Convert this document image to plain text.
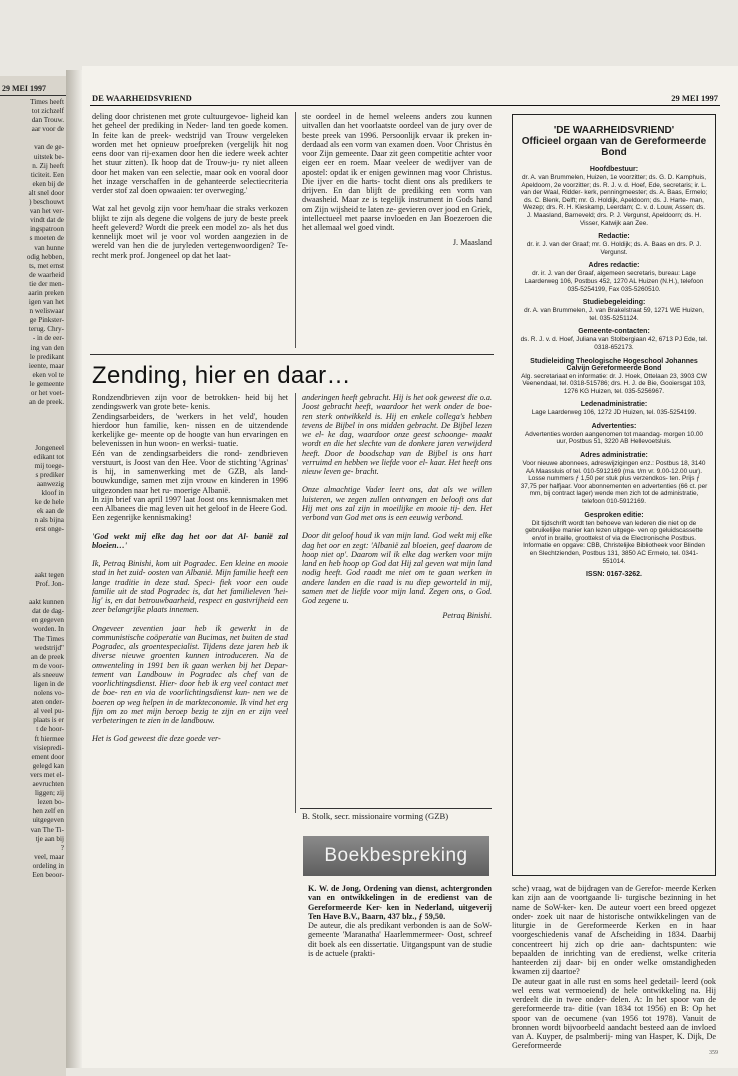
29 MEI 1997
Times heeft
tot zichzelf
dan Trouw.
aar voor de

van de ge-
uitstek be-
n. Zij heeft
ticiteit. Een
eken bij de
alt snel door
) beschouwt
van het ver-
vindt dat de
ingspatroon
s moeten de
van hunne
odig hebben,
ts, met ernst
de waarheid
tie der men-
aarin preken
igen van het
n weliswaar
ge Pinkster-
terug. Chry-
- in de eer-
ing van den
le predikant
ieente, maar
eken vol te
le gemeente
or het voet-
an de preek.

Jongeneel
edikant tot
mij toege-
s prediker
aanwezig
kloof in
ke de hele
ek aan de
n als bijna
erst onge-

aakt tegen
Prof. Jon-

aakt kunnen
dat de dag-
en gegeven
worden. In
The Times
wedstrijd"
an de preek
m de voor-
als sneeuw
ligen in de
nolens vo-
aten onder-
al veel pu-
plaats is er
t de hoor-
ft hiermee
visiepredi-
ement door
gelegd kan
vers met el-
aevruchten
liggen; zij
lezen bo-
hen zelf en
uitgegeven
van The Ti-
tje aan bij
?
veel, maar
ordeling in
Een beoor-
DE WAARHEIDSVRIEND	29 MEI 1997

deling door christenen met grote cultuurgevoe- ligheid kan het geheel der prediking in Neder- land ten goede komen. In feite kan de preek- wedstrijd van Trouw vergeleken worden met het opnieuw proefpreken (vergelijk hit nog eens door van rij-examen door hen die iedere week achter het stuur zitten). Ik hoop dat de Trouw-ju- ry niet alleen door het maken van een selectie, maar ook en vooral door het inzage verschaffen in de gehanteerde selectiecriteria verder stof zal doen opwaaien: ter overweging.'

Wat zal het gevolg zijn voor hem/haar die straks verkozen blijkt te zijn als degene die volgens de jury de beste preek heeft geleverd? Wordt die preek een model zo- als het dus kennelijk moet wil je voor vol worden aangezien in de wereld van hen die de juryleden vertegenwoordigen? Te- recht merk prof. Jongeneel op dat het laat-

ste oordeel in de hemel weleens anders zou kunnen uitvallen dan het voorlaatste oordeel van de jury over de beste preek van 1996. Persoonlijk ervaar ik preken in- derdaad als een vorm van examen doen. Voor Christus èn voor Zijn gemeente. Daar zit geen competitie achter voor eigen eer en roem. Maar veeleer de wedijver van de apostel: opdat ik er enigen gewinnen mag voor Christus. Die ijver en die harts- tocht dient ons als predikers te drijven. En dan blijft de prediking een vorm van dwaasheid. Maar ze is tegelijk instrument in Gods hand om Zijn wijsheid te laten ze- gevieren over jood en Griek, intellectueel met paarse invloeden en Jan Boezeroen die het allemaal wel goed vindt.

J. Maasland
Zending, hier en daar…

Rondzendbrieven zijn voor de betrokken- heid bij het zendingswerk van grote bete- kenis.

Zendingsarbeiders, de 'werkers in het veld', houden hierdoor hun familie, ken- nissen en de uitzendende kerkelijke ge- meente op de hoogte van hun ervaringen en belevenissen in hun woon- en werksi- tuatie.

Eén van de zendingsarbeiders die rond- zendbrieven verstuurt, is Joost van den Hee. Voor de stichting 'Agrinas' is hij, in samenwerking met de GZB, als land- bouwkundige, samen met zijn vrouw en kinderen in 1996 uitgezonden naar het ru- moerige Albanië.

In zijn brief van april 1997 laat Joost ons kennismaken met een Albanees die mag leven uit het geloof in de Heere God.

Een zegenrijke kennismaking!

'God wekt mij elke dag het oor dat Al- banië zal bloeien…'

Ik, Petraq Binishi, kom uit Pogradec. Een kleine en mooie stad in het zuid- oosten van Albanië. Mijn familie heeft een lange traditie in deze stad. Speci- fiek voor een oude familie uit de stad Pogradec is, dat het familieleven 'hei- lig' is, en dat betrouwbaarheid, respect en gastvrijheid een zeer belangrijke plaats innemen.

Ongeveer zeventien jaar heb ik gewerkt in de communistische coöperatie van Bucimas, net buiten de stad Pogradec, als groentespecialist. Tijdens deze jaren heb ik diverse nieuwe groenten kunnen introduceren. Na de omwenteling in 1991 ben ik gaan werken bij het Depar- tement van Landbouw in Pogradec als chef van de voorlichtingsdienst. Hier- door heb ik erg veel contact met de boe- ren en via de voorlichtingsdienst kun- nen we de boeren op weg helpen in de markteconomie. Ik vind het erg fijn om zo met mijn beroep bezig te zijn en er zijn veel verbeteringen te zien in de landbouw.

Het is God geweest die deze goede ver-

anderingen heeft gebracht. Hij is het ook geweest die o.a. Joost gebracht heeft, waardoor het werk onder de boe- ren sterk ontwikkeld is. Hij en enkele collega's hebben tevens de Bijbel in ons midden gebracht. De Bijbel lezen we el- ke dag, waardoor onze geest schoonge- maakt wordt en die het slechte van de donkere jaren verwijderd heeft. Door de boodschap van de Bijbel is ons hart verruimd en hebben we liefde voor el- kaar. Het heeft ons nieuw leven ge- bracht.

Onze almachtige Vader leert ons, dat als we willen luisteren, we zegen zullen ontvangen en belooft ons dat Hij met ons zal zijn in moeilijke en mooie tij- den. Het verbond van God met ons is een eeuwig verbond.

Door dit geloof houd ik van mijn land. God wekt mij elke dag het oor en zegt: 'Albanië zal bloeien, geef daarom de hoop niet op'. Daarom wil ik elke dag werken voor mijn land en heb hoop op God dat Hij zal geven wat mijn land nodig heeft. God raadt me niet om te gaan werken in andere landen en die raad is nu diep geworteld in mij, samen met de liefde voor mijn land. Zegen ons, o God. God zegene u.

Petraq Binishi.
B. Stolk, secr. missionaire vorming (GZB)
Boekbespreking

K. W. de Jong, Ordening van dienst, achtergronden van en ontwikkelingen in de eredienst van de Gereformeerde Ker- ken in Nederland, uitgeverij Ten Have B.V., Baarn, 437 blz., ƒ 59,50.

De auteur, die als predikant verbonden is aan de SoW-gemeente 'Maranatha' Haarlemmermeer- Oost, schreef dit boek als een dissertatie. Uitgangspunt van de studie is de actuele (prakti-

sche) vraag, wat de bijdragen van de Gerefor- meerde Kerken kan zijn aan de voortgaande li- turgische bezinning in het name de SoW-ker- ken. De auteur voert een breed opgezet onder- zoek uit naar de historische ontwikkelingen van de liturgie in de Gereformeerde Kerken en in haar voorgeschiedenis vanaf de Afscheiding in 1834. Daarbij concentreert hij zich op drie aan- dachtspunten: wie bepaalden de inrichting van de eredienst, welke criteria hanteerden zij daar- bij en onder welke omstandigheden kwamen zij daartoe?

De auteur gaat in alle rust en soms heel gedetail- leerd (ook wel eens wat vermoeiend) de hele ontwikkeling na. Hij verdeelt die in twee onder- delen. A: In het spoor van de gereformeerde tra- ditie (van 1834 tot 1956) en B: Op het spoor van de oecumene (van 1956 tot 1978). Vanuit de bronnen wordt bijvoorbeeld aandacht besteed aan de invloed van A. Kuyper, de psalmberij- ming van Hasper, K. Dijk, De Gereformeerde

'DE WAARHEIDSVRIEND'
Officieel orgaan van de Gereformeerde Bond
Hoofdbestuur:
dr. A. van Brummelen, Huizen, 1e voorzitter; ds. G. D. Kamphuis, Apeldoorn, 2e voorzitter; ds. R. J. v. d. Hoef, Ede, secretaris; ir. L. van der Waal, Ridder- kerk, penningmeester; ds. A. Baas, Ermelo; ds. C. Blenk, Delft; mr. G. Holdijk, Apeldoorn; ds. J. Harte- man, Wezep; drs. R. H. Kieskamp, Leerdam; C. v. d. Louw, Assen; ds. J. Maasland, Barneveld; drs. P. J. Vergunst, Apeldoorn; ds. H. Visser, Katwijk aan Zee.
Redactie:
dr. ir. J. van der Graaf; mr. G. Holdijk; ds. A. Baas en drs. P. J. Vergunst.
Adres redactie:
dr. ir. J. van der Graaf, algemeen secretaris, bureau: Lage Laarderweg 106, Postbus 452, 1270 AL Huizen (N.H.), telefoon 035-5254199, Fax 035-5260510.
Studiebegeleiding:
dr. A. van Brummelen, J. van Brakelstraat 59, 1271 WE Huizen, tel. 035-5251124.
Gemeente-contacten:
ds. R. J. v. d. Hoef, Juliana van Stolbergiaan 42, 6713 PJ Ede, tel. 0318-652173.
Studieleiding Theologische Hogeschool Johannes Calvijn Gereformeerde Bond
Alg. secretariaat en informatie: dr. J. Hoek, Ottelaan 23, 3903 CW Veenendaal, tel. 0318-515786; drs. H. J. de Bie, Gooiersgat 103, 1276 KG Huizen, tel. 035-5256967.
Ledenadministratie:
Lage Laarderweg 106, 1272 JD Huizen, tel. 035-5254199.
Advertenties:
Advertenties worden aangenomen tot maandag- morgen 10.00 uur, Postbus 51, 3220 AB Hellevoetsluis.
Adres administratie:
Voor nieuwe abonnees, adreswijzigingen enz.: Postbus 18, 3140 AA Maassluis of tel. 010-5912169 (ma. t/m vr. 9.00-12.00 uur). Losse nummers ƒ 1,50 per stuk plus verzendkos- ten. Prijs ƒ 37,75 per halfjaar. Voor abonnementen en advertenties (66 ct. per mm, bij contract lager) wende men zich tot de administratie, telefoon 010-5912169.
Gesproken editie:
Dit tijdschrift wordt ten behoeve van lederen die niet op de gebruikelijke manier kan lezen uitgege- ven op geluidscassette en/of in braille, groottekst of via de Electronische Postbus. Informatie en opgave: CBB, Christelijke Bibliotheek voor Blinden en Slechtzienden, Postbus 131, 3850 AC Ermelo, tel. 0341-551014.
ISSN: 0167-3262.
359
